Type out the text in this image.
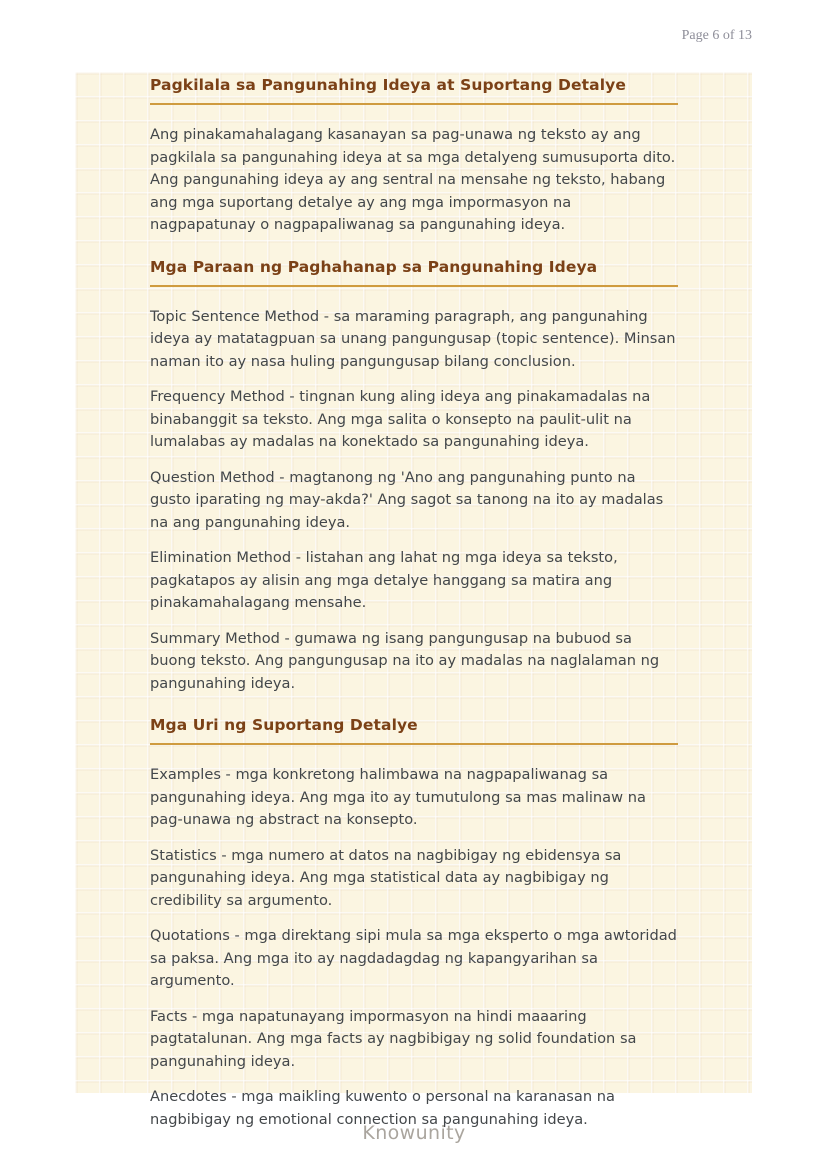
Page 6 of 13
Pagkilala sa Pangunahing Ideya at Suportang Detalye

Ang pinakamahalagang kasanayan sa pag-unawa ng teksto ay ang pagkilala sa pangunahing ideya at sa mga detalyeng sumusuporta dito. Ang pangunahing ideya ay ang sentral na mensahe ng teksto, habang ang mga suportang detalye ay ang mga impormasyon na nagpapatunay o nagpapaliwanag sa pangunahing ideya.

Mga Paraan ng Paghahanap sa Pangunahing Ideya

Topic Sentence Method - sa maraming paragraph, ang pangunahing ideya ay matatagpuan sa unang pangungusap (topic sentence). Minsan naman ito ay nasa huling pangungusap bilang conclusion.

Frequency Method - tingnan kung aling ideya ang pinakamadalas na binabanggit sa teksto. Ang mga salita o konsepto na paulit-ulit na lumalabas ay madalas na konektado sa pangunahing ideya.

Question Method - magtanong ng 'Ano ang pangunahing punto na gusto iparating ng may-akda?' Ang sagot sa tanong na ito ay madalas na ang pangunahing ideya.

Elimination Method - listahan ang lahat ng mga ideya sa teksto, pagkatapos ay alisin ang mga detalye hanggang sa matira ang pinakamahalagang mensahe.

Summary Method - gumawa ng isang pangungusap na bubuod sa buong teksto. Ang pangungusap na ito ay madalas na naglalaman ng pangunahing ideya.

Mga Uri ng Suportang Detalye

Examples - mga konkretong halimbawa na nagpapaliwanag sa pangunahing ideya. Ang mga ito ay tumutulong sa mas malinaw na pag-unawa ng abstract na konsepto.

Statistics - mga numero at datos na nagbibigay ng ebidensya sa pangunahing ideya. Ang mga statistical data ay nagbibigay ng credibility sa argumento.

Quotations - mga direktang sipi mula sa mga eksperto o mga awtoridad sa paksa. Ang mga ito ay nagdadagdag ng kapangyarihan sa argumento.

Facts - mga napatunayang impormasyon na hindi maaaring pagtatalunan. Ang mga facts ay nagbibigay ng solid foundation sa pangunahing ideya.

Anecdotes - mga maikling kuwento o personal na karanasan na nagbibigay ng emotional connection sa pangunahing ideya.

Knowunity
